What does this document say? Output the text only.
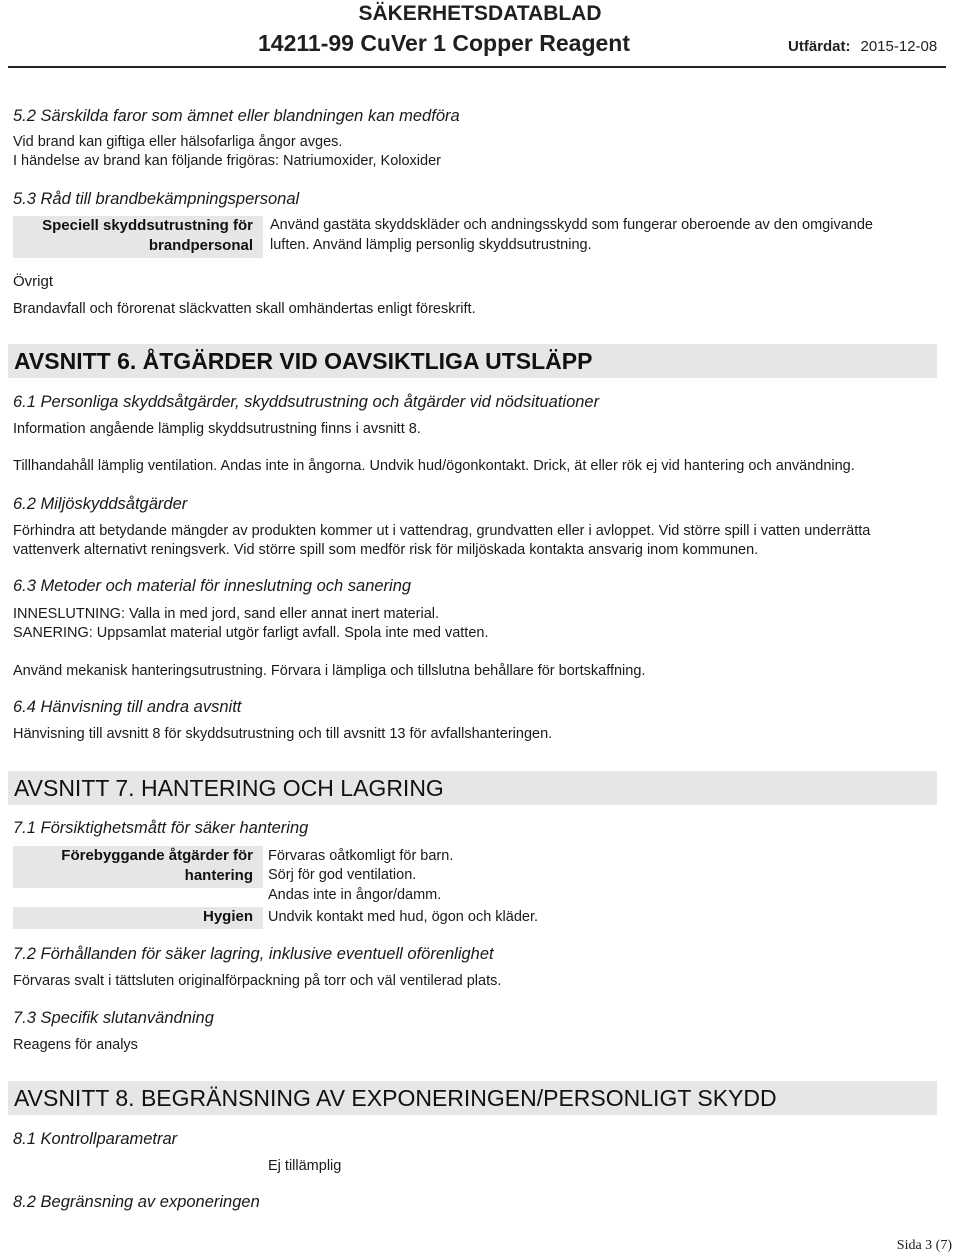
SÄKERHETSDATABLAD
14211-99 CuVer 1 Copper Reagent	Utfärdat: 2015-12-08
5.2 Särskilda faror som ämnet eller blandningen kan medföra
Vid brand kan giftiga eller hälsofarliga ångor avges.
I händelse av brand kan följande frigöras: Natriumoxider, Koloxider
5.3 Råd till brandbekämpningspersonal
Speciell skyddsutrustning för
brandpersonal
Använd gastäta skyddskläder och andningsskydd som fungerar oberoende av den omgivande
luften. Använd lämplig personlig skyddsutrustning.
Övrigt
Brandavfall och förorenat släckvatten skall omhändertas enligt föreskrift.
AVSNITT 6. ÅTGÄRDER VID OAVSIKTLIGA UTSLÄPP
6.1 Personliga skyddsåtgärder, skyddsutrustning och åtgärder vid nödsituationer
Information angående lämplig skyddsutrustning finns i avsnitt 8.
Tillhandahåll lämplig ventilation. Andas inte in ångorna. Undvik hud/ögonkontakt. Drick, ät eller rök ej vid hantering och användning.
6.2 Miljöskyddsåtgärder
Förhindra att betydande mängder av produkten kommer ut i vattendrag, grundvatten eller i avloppet. Vid större spill i vatten underrätta
vattenverk alternativt reningsverk. Vid större spill som medför risk för miljöskada kontakta ansvarig inom kommunen.
6.3 Metoder och material för inneslutning och sanering
INNESLUTNING: Valla in med jord, sand eller annat inert material.
SANERING: Uppsamlat material utgör farligt avfall. Spola inte med vatten.
Använd mekanisk hanteringsutrustning. Förvara i lämpliga och tillslutna behållare för bortskaffning.
6.4 Hänvisning till andra avsnitt
Hänvisning till avsnitt 8 för skyddsutrustning och till avsnitt 13 för avfallshanteringen.
AVSNITT 7. HANTERING OCH LAGRING
7.1 Försiktighetsmått för säker hantering
Förebyggande åtgärder för
hantering
Förvaras oåtkomligt för barn.
Sörj för god ventilation.
Andas inte in ångor/damm.
Hygien Undvik kontakt med hud, ögon och kläder.
7.2 Förhållanden för säker lagring, inklusive eventuell oförenlighet
Förvaras svalt i tättsluten originalförpackning på torr och väl ventilerad plats.
7.3 Specifik slutanvändning
Reagens för analys
AVSNITT 8. BEGRÄNSNING AV EXPONERINGEN/PERSONLIGT SKYDD
8.1 Kontrollparametrar
Ej tillämplig
8.2 Begränsning av exponeringen
Sida 3 (7)
